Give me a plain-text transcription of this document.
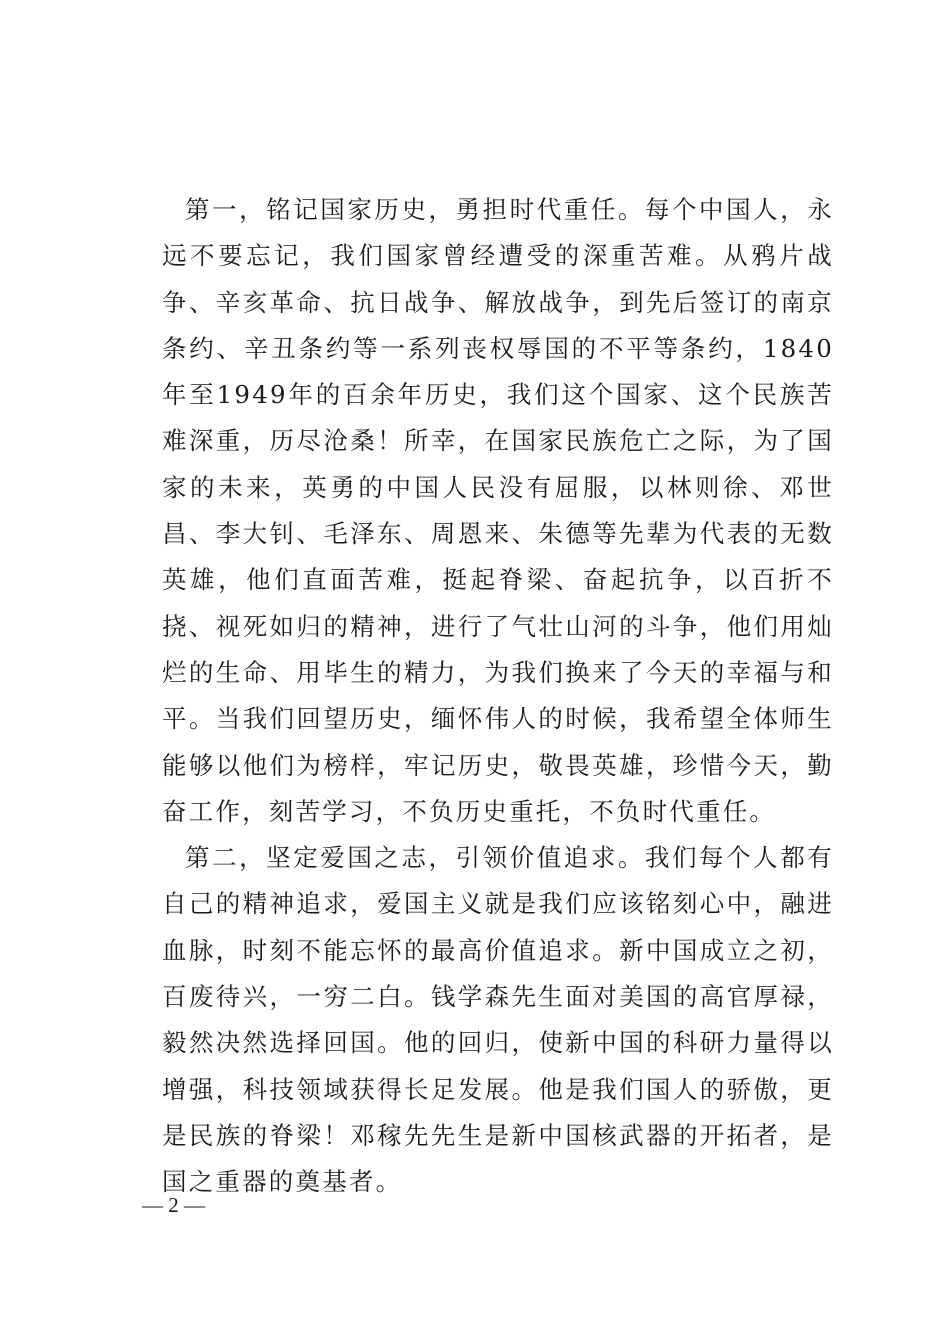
第一，铭记国家历史，勇担时代重任。每个中国人，永远不要忘记，我们国家曾经遭受的深重苦难。从鸦片战争、辛亥革命、抗日战争、解放战争，到先后签订的南京条约、辛丑条约等一系列丧权辱国的不平等条约，1840年至1949年的百余年历史，我们这个国家、这个民族苦难深重，历尽沧桑！所幸，在国家民族危亡之际，为了国家的未来，英勇的中国人民没有屈服，以林则徐、邓世昌、李大钊、毛泽东、周恩来、朱德等先辈为代表的无数英雄，他们直面苦难，挺起脊梁、奋起抗争，以百折不挠、视死如归的精神，进行了气壮山河的斗争，他们用灿烂的生命、用毕生的精力，为我们换来了今天的幸福与和平。当我们回望历史，缅怀伟人的时候，我希望全体师生能够以他们为榜样，牢记历史，敬畏英雄，珍惜今天，勤奋工作，刻苦学习，不负历史重托，不负时代重任。

第二，坚定爱国之志，引领价值追求。我们每个人都有自己的精神追求，爱国主义就是我们应该铭刻心中，融进血脉，时刻不能忘怀的最高价值追求。新中国成立之初，百废待兴，一穷二白。钱学森先生面对美国的高官厚禄，毅然决然选择回国。他的回归，使新中国的科研力量得以增强，科技领域获得长足发展。他是我们国人的骄傲，更是民族的脊梁！邓稼先先生是新中国核武器的开拓者，是国之重器的奠基者。

— 2 —
